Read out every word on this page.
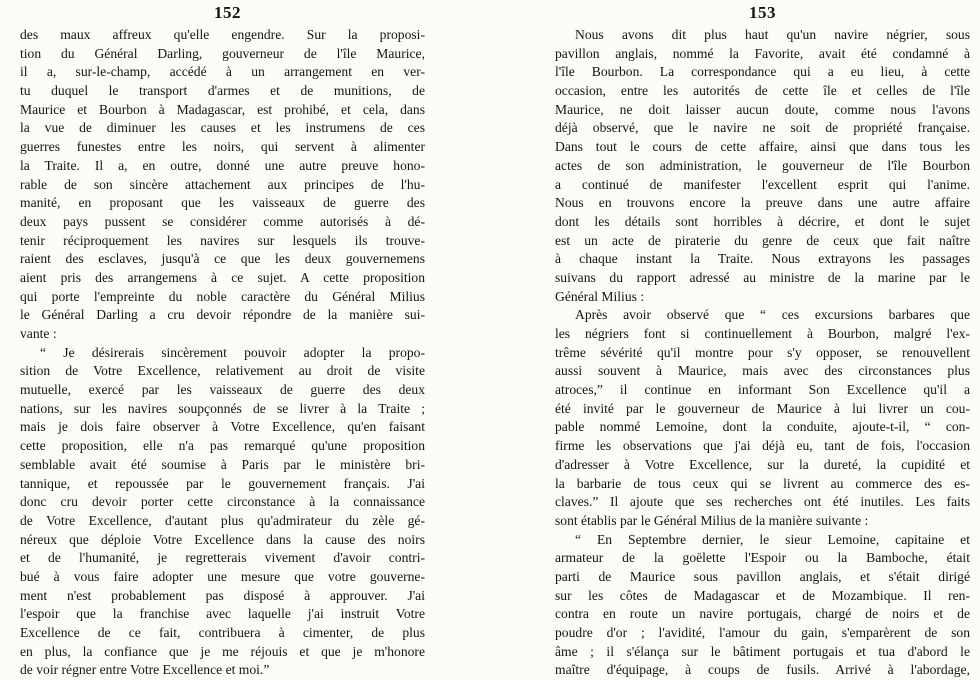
152
des maux affreux qu'elle engendre. Sur la proposi-
tion du Général Darling, gouverneur de l'île Maurice,
il a, sur-le-champ, accédé à un arrangement en ver-
tu duquel le transport d'armes et de munitions, de
Maurice et Bourbon à Madagascar, est prohibé, et cela, dans
la vue de diminuer les causes et les instrumens de ces
guerres funestes entre les noirs, qui servent à alimenter
la Traite. Il a, en outre, donné une autre preuve hono-
rable de son sincère attachement aux principes de l'hu-
manité, en proposant que les vaisseaux de guerre des
deux pays pussent se considérer comme autorisés à dé-
tenir réciproquement les navires sur lesquels ils trouve-
raient des esclaves, jusqu'à ce que les deux gouvernemens
aient pris des arrangemens à ce sujet. A cette proposition
qui porte l'empreinte du noble caractère du Général Milius
le Général Darling a cru devoir répondre de la manière sui-
vante :
“ Je désirerais sincèrement pouvoir adopter la propo-
sition de Votre Excellence, relativement au droit de visite
mutuelle, exercé par les vaisseaux de guerre des deux
nations, sur les navires soupçonnés de se livrer à la Traite ;
mais je dois faire observer à Votre Excellence, qu'en faisant
cette proposition, elle n'a pas remarqué qu'une proposition
semblable avait été soumise à Paris par le ministère bri-
tannique, et repoussée par le gouvernement français. J'ai
donc cru devoir porter cette circonstance à la connaissance
de Votre Excellence, d'autant plus qu'admirateur du zèle gé-
néreux que déploie Votre Excellence dans la cause des noirs
et de l'humanité, je regretterais vivement d'avoir contri-
bué à vous faire adopter une mesure que votre gouverne-
ment n'est probablement pas disposé à approuver. J'ai
l'espoir que la franchise avec laquelle j'ai instruit Votre
Excellence de ce fait, contribuera à cimenter, de plus
en plus, la confiance que je me réjouis et que je m'honore
de voir régner entre Votre Excellence et moi.”
153
Nous avons dit plus haut qu'un navire négrier, sous
pavillon anglais, nommé la Favorite, avait été condamné à
l'île Bourbon. La correspondance qui a eu lieu, à cette
occasion, entre les autorités de cette île et celles de l'île
Maurice, ne doit laisser aucun doute, comme nous l'avons
déjà observé, que le navire ne soit de propriété française.
Dans tout le cours de cette affaire, ainsi que dans tous les
actes de son administration, le gouverneur de l'île Bourbon
a continué de manifester l'excellent esprit qui l'anime.
Nous en trouvons encore la preuve dans une autre affaire
dont les détails sont horribles à décrire, et dont le sujet
est un acte de piraterie du genre de ceux que fait naître
à chaque instant la Traite. Nous extrayons les passages
suivans du rapport adressé au ministre de la marine par le
Général Milius :
Après avoir observé que “ ces excursions barbares que
les négriers font si continuellement à Bourbon, malgré l'ex-
trême sévérité qu'il montre pour s'y opposer, se renouvellent
aussi souvent à Maurice, mais avec des circonstances plus
atroces,” il continue en informant Son Excellence qu'il a
été invité par le gouverneur de Maurice à lui livrer un cou-
pable nommé Lemoine, dont la conduite, ajoute-t-il, “ con-
firme les observations que j'ai déjà eu, tant de fois, l'occasion
d'adresser à Votre Excellence, sur la dureté, la cupidité et
la barbarie de tous ceux qui se livrent au commerce des es-
claves.” Il ajoute que ses recherches ont été inutiles. Les faits
sont établis par le Général Milius de la manière suivante :
“ En Septembre dernier, le sieur Lemoine, capitaine et
armateur de la goëlette l'Espoir ou la Bamboche, était
parti de Maurice sous pavillon anglais, et s'était dirigé
sur les côtes de Madagascar et de Mozambique. Il ren-
contra en route un navire portugais, chargé de noirs et de
poudre d'or ; l'avidité, l'amour du gain, s'emparèrent de son
âme ; il s'élança sur le bâtiment portugais et tua d'abord le
maître d'équipage, à coups de fusils. Arrivé à l'abordage,
